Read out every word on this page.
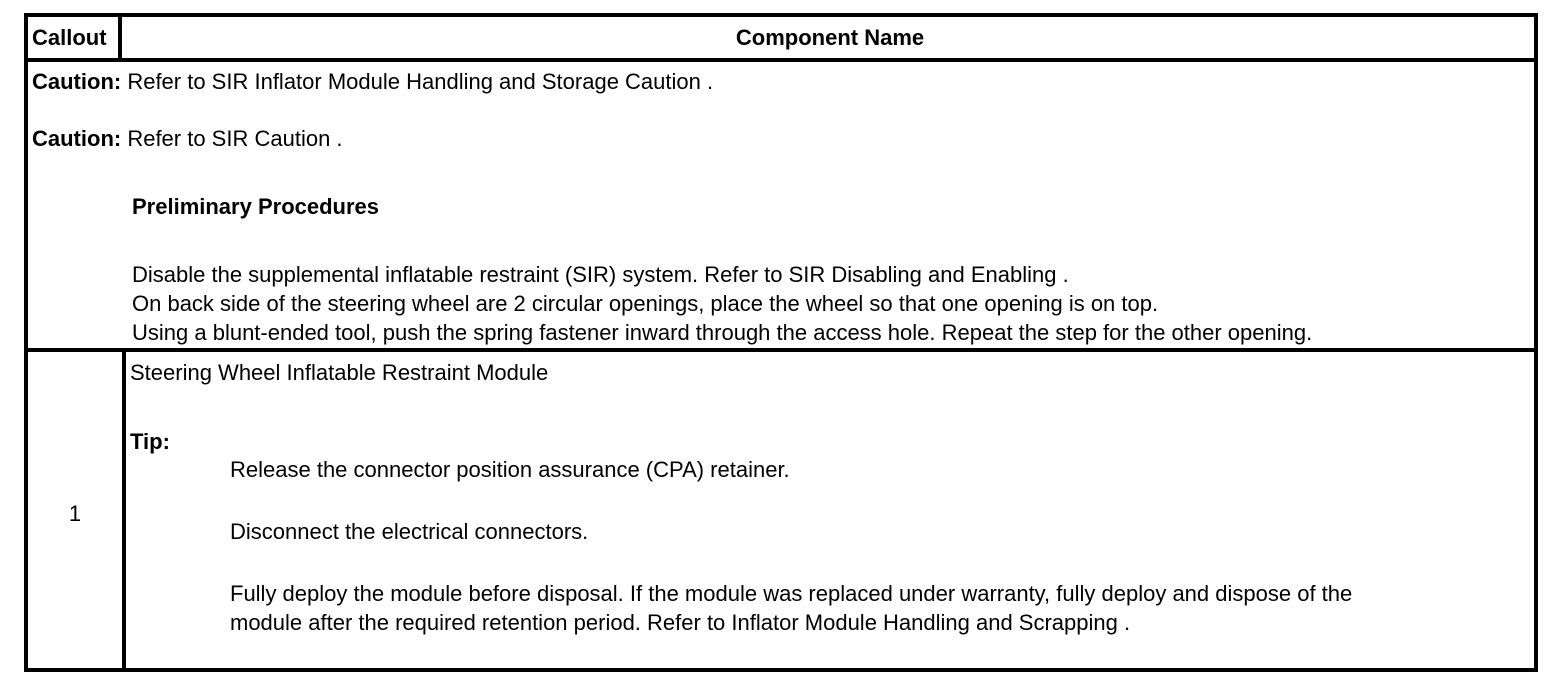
Callout	Component Name
Caution: Refer to SIR Inflator Module Handling and Storage Caution .
Caution: Refer to SIR Caution .
Preliminary Procedures
Disable the supplemental inflatable restraint (SIR) system. Refer to SIR Disabling and Enabling .
On back side of the steering wheel are 2 circular openings, place the wheel so that one opening is on top.
Using a blunt-ended tool, push the spring fastener inward through the access hole. Repeat the step for the other opening.
1
Steering Wheel Inflatable Restraint Module
Tip:
Release the connector position assurance (CPA) retainer.
Disconnect the electrical connectors.
Fully deploy the module before disposal. If the module was replaced under warranty, fully deploy and dispose of the
module after the required retention period. Refer to Inflator Module Handling and Scrapping .
